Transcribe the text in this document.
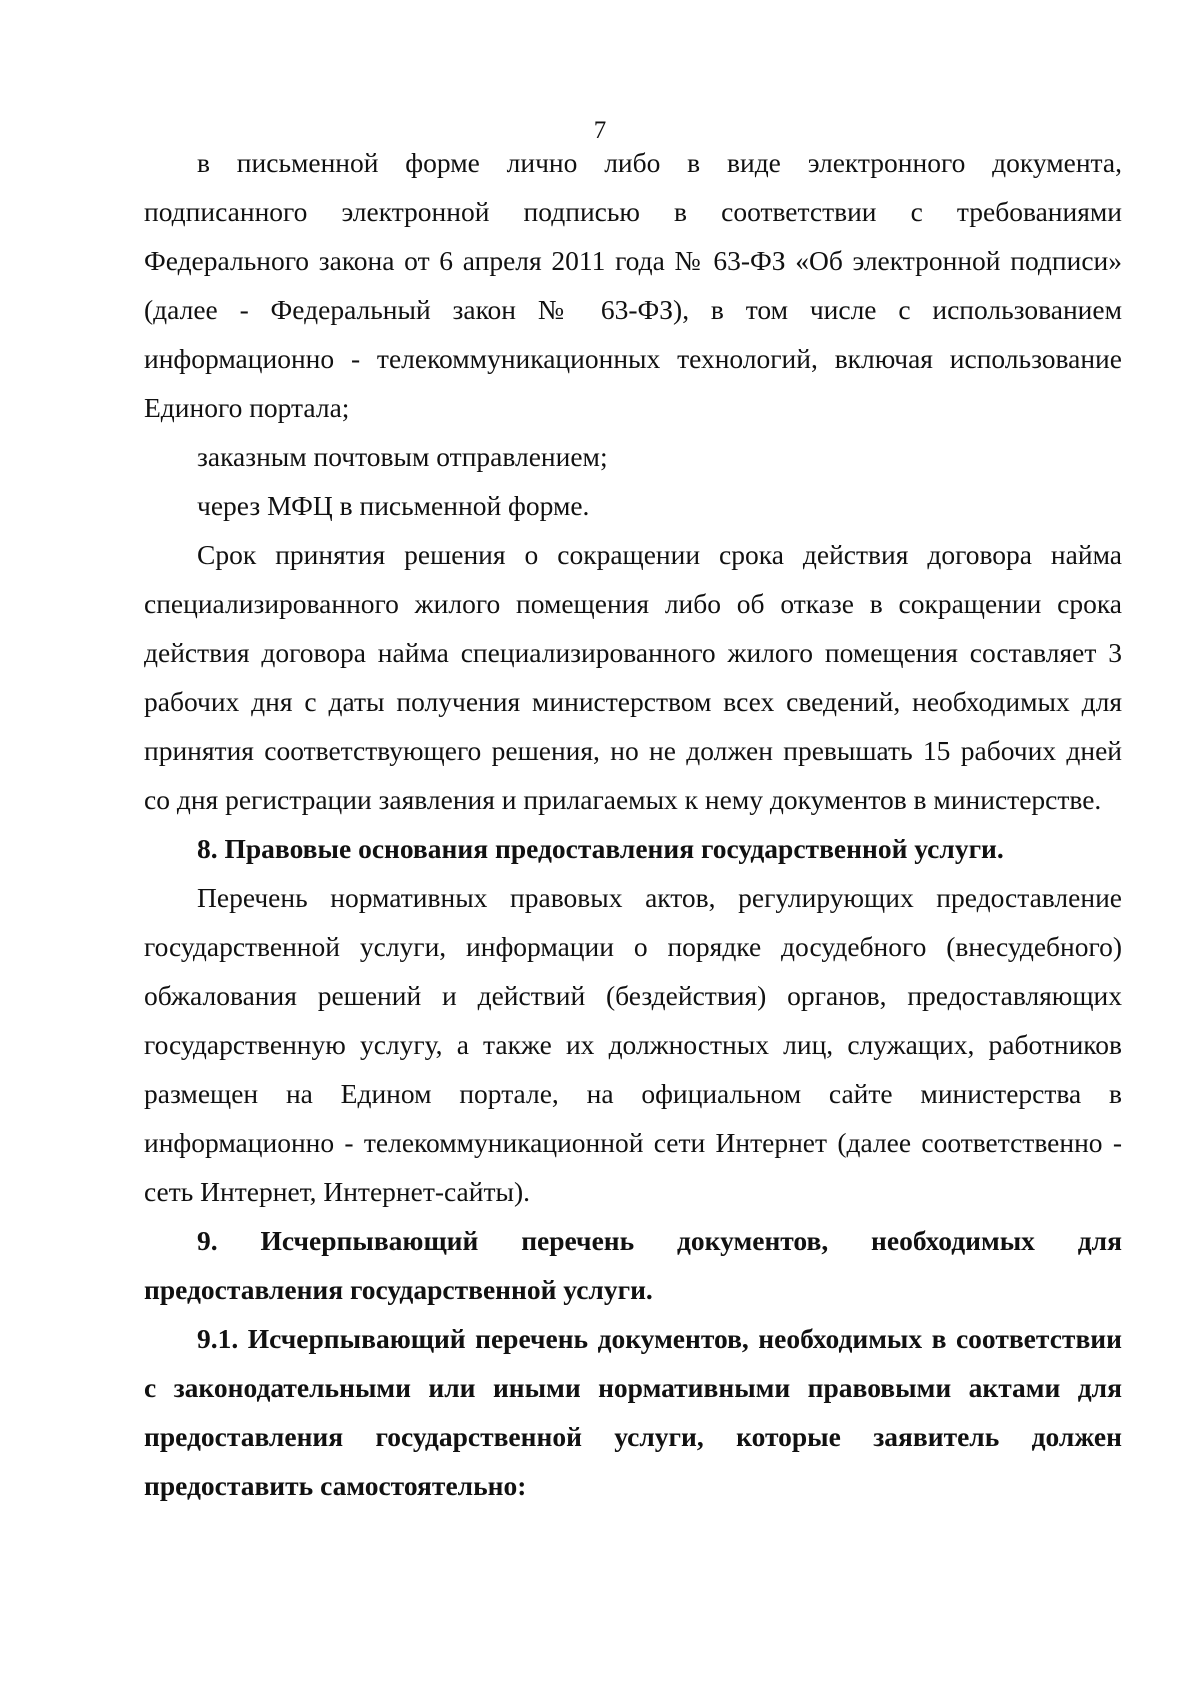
7

в письменной форме лично либо в виде электронного документа, подписанного электронной подписью в соответствии с требованиями Федерального закона от 6 апреля 2011 года № 63-ФЗ «Об электронной подписи» (далее - Федеральный закон № 63-ФЗ), в том числе с использованием информационно - телекоммуникационных технологий, включая использование Единого портала;

заказным почтовым отправлением;

через МФЦ в письменной форме.

Срок принятия решения о сокращении срока действия договора найма специализированного жилого помещения либо об отказе в сокращении срока действия договора найма специализированного жилого помещения составляет 3 рабочих дня с даты получения министерством всех сведений, необходимых для принятия соответствующего решения, но не должен превышать 15 рабочих дней со дня регистрации заявления и прилагаемых к нему документов в министерстве.

8. Правовые основания предоставления государственной услуги.

Перечень нормативных правовых актов, регулирующих предоставление государственной услуги, информации о порядке досудебного (внесудебного) обжалования решений и действий (бездействия) органов, предоставляющих государственную услугу, а также их должностных лиц, служащих, работников размещен на Едином портале, на официальном сайте министерства в информационно - телекоммуникационной сети Интернет (далее соответственно - сеть Интернет, Интернет-сайты).

9. Исчерпывающий перечень документов, необходимых для предоставления государственной услуги.

9.1. Исчерпывающий перечень документов, необходимых в соответствии с законодательными или иными нормативными правовыми актами для предоставления государственной услуги, которые заявитель должен предоставить самостоятельно:
